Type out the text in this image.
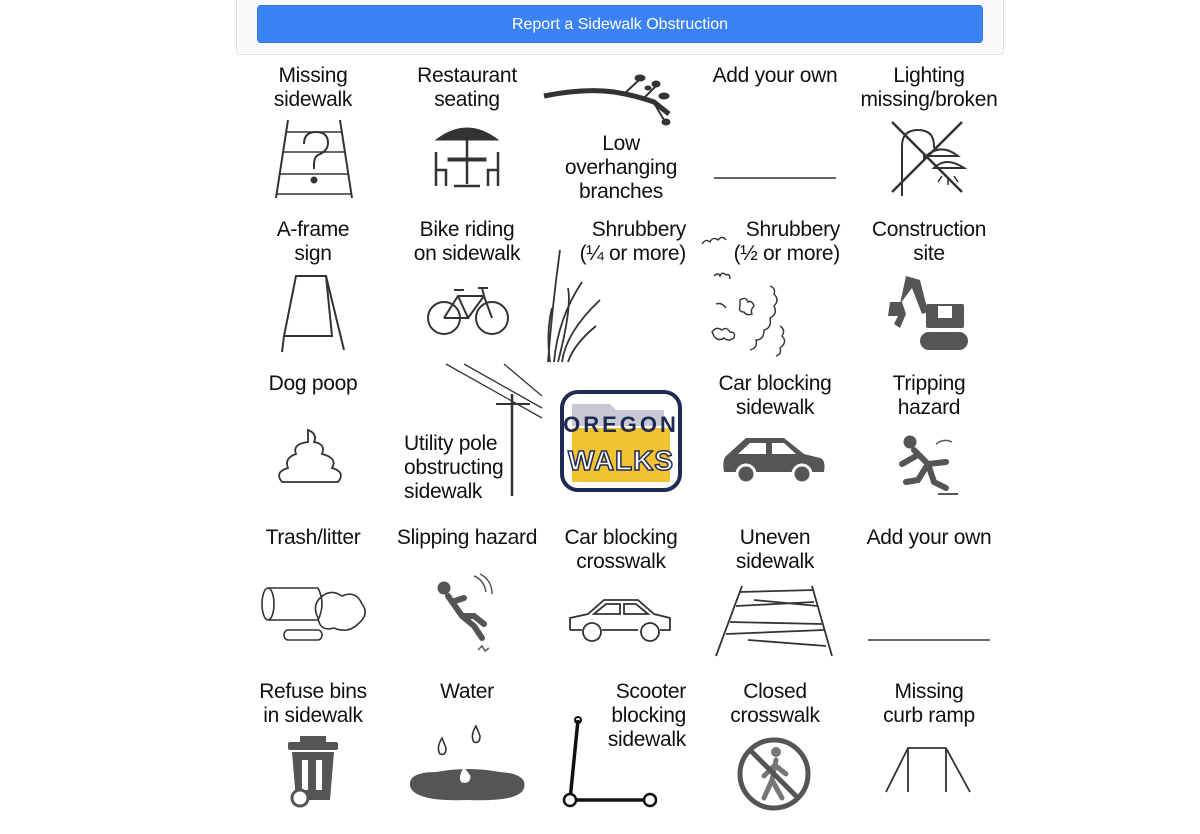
Report a Sidewalk Obstruction
Missing
sidewalk
Restaurant
seating
Low
overhanging
branches
Add your own	Lighting
missing/broken
A-frame
sign
Bike riding
on sidewalk
Shrubbery
(¼ or more)
Shrubbery
(½ or more)
Construction
site
Dog poop
Utility pole
obstructing
sidewalk
OREGON
WALKS
Car blocking
sidewalk
Tripping
hazard
Trash/litter	Slipping hazard	Car blocking
crosswalk
Uneven
sidewalk
Add your own
Refuse bins
in sidewalk
Water	Scooter
blocking
sidewalk
Closed
crosswalk
Missing
curb ramp
